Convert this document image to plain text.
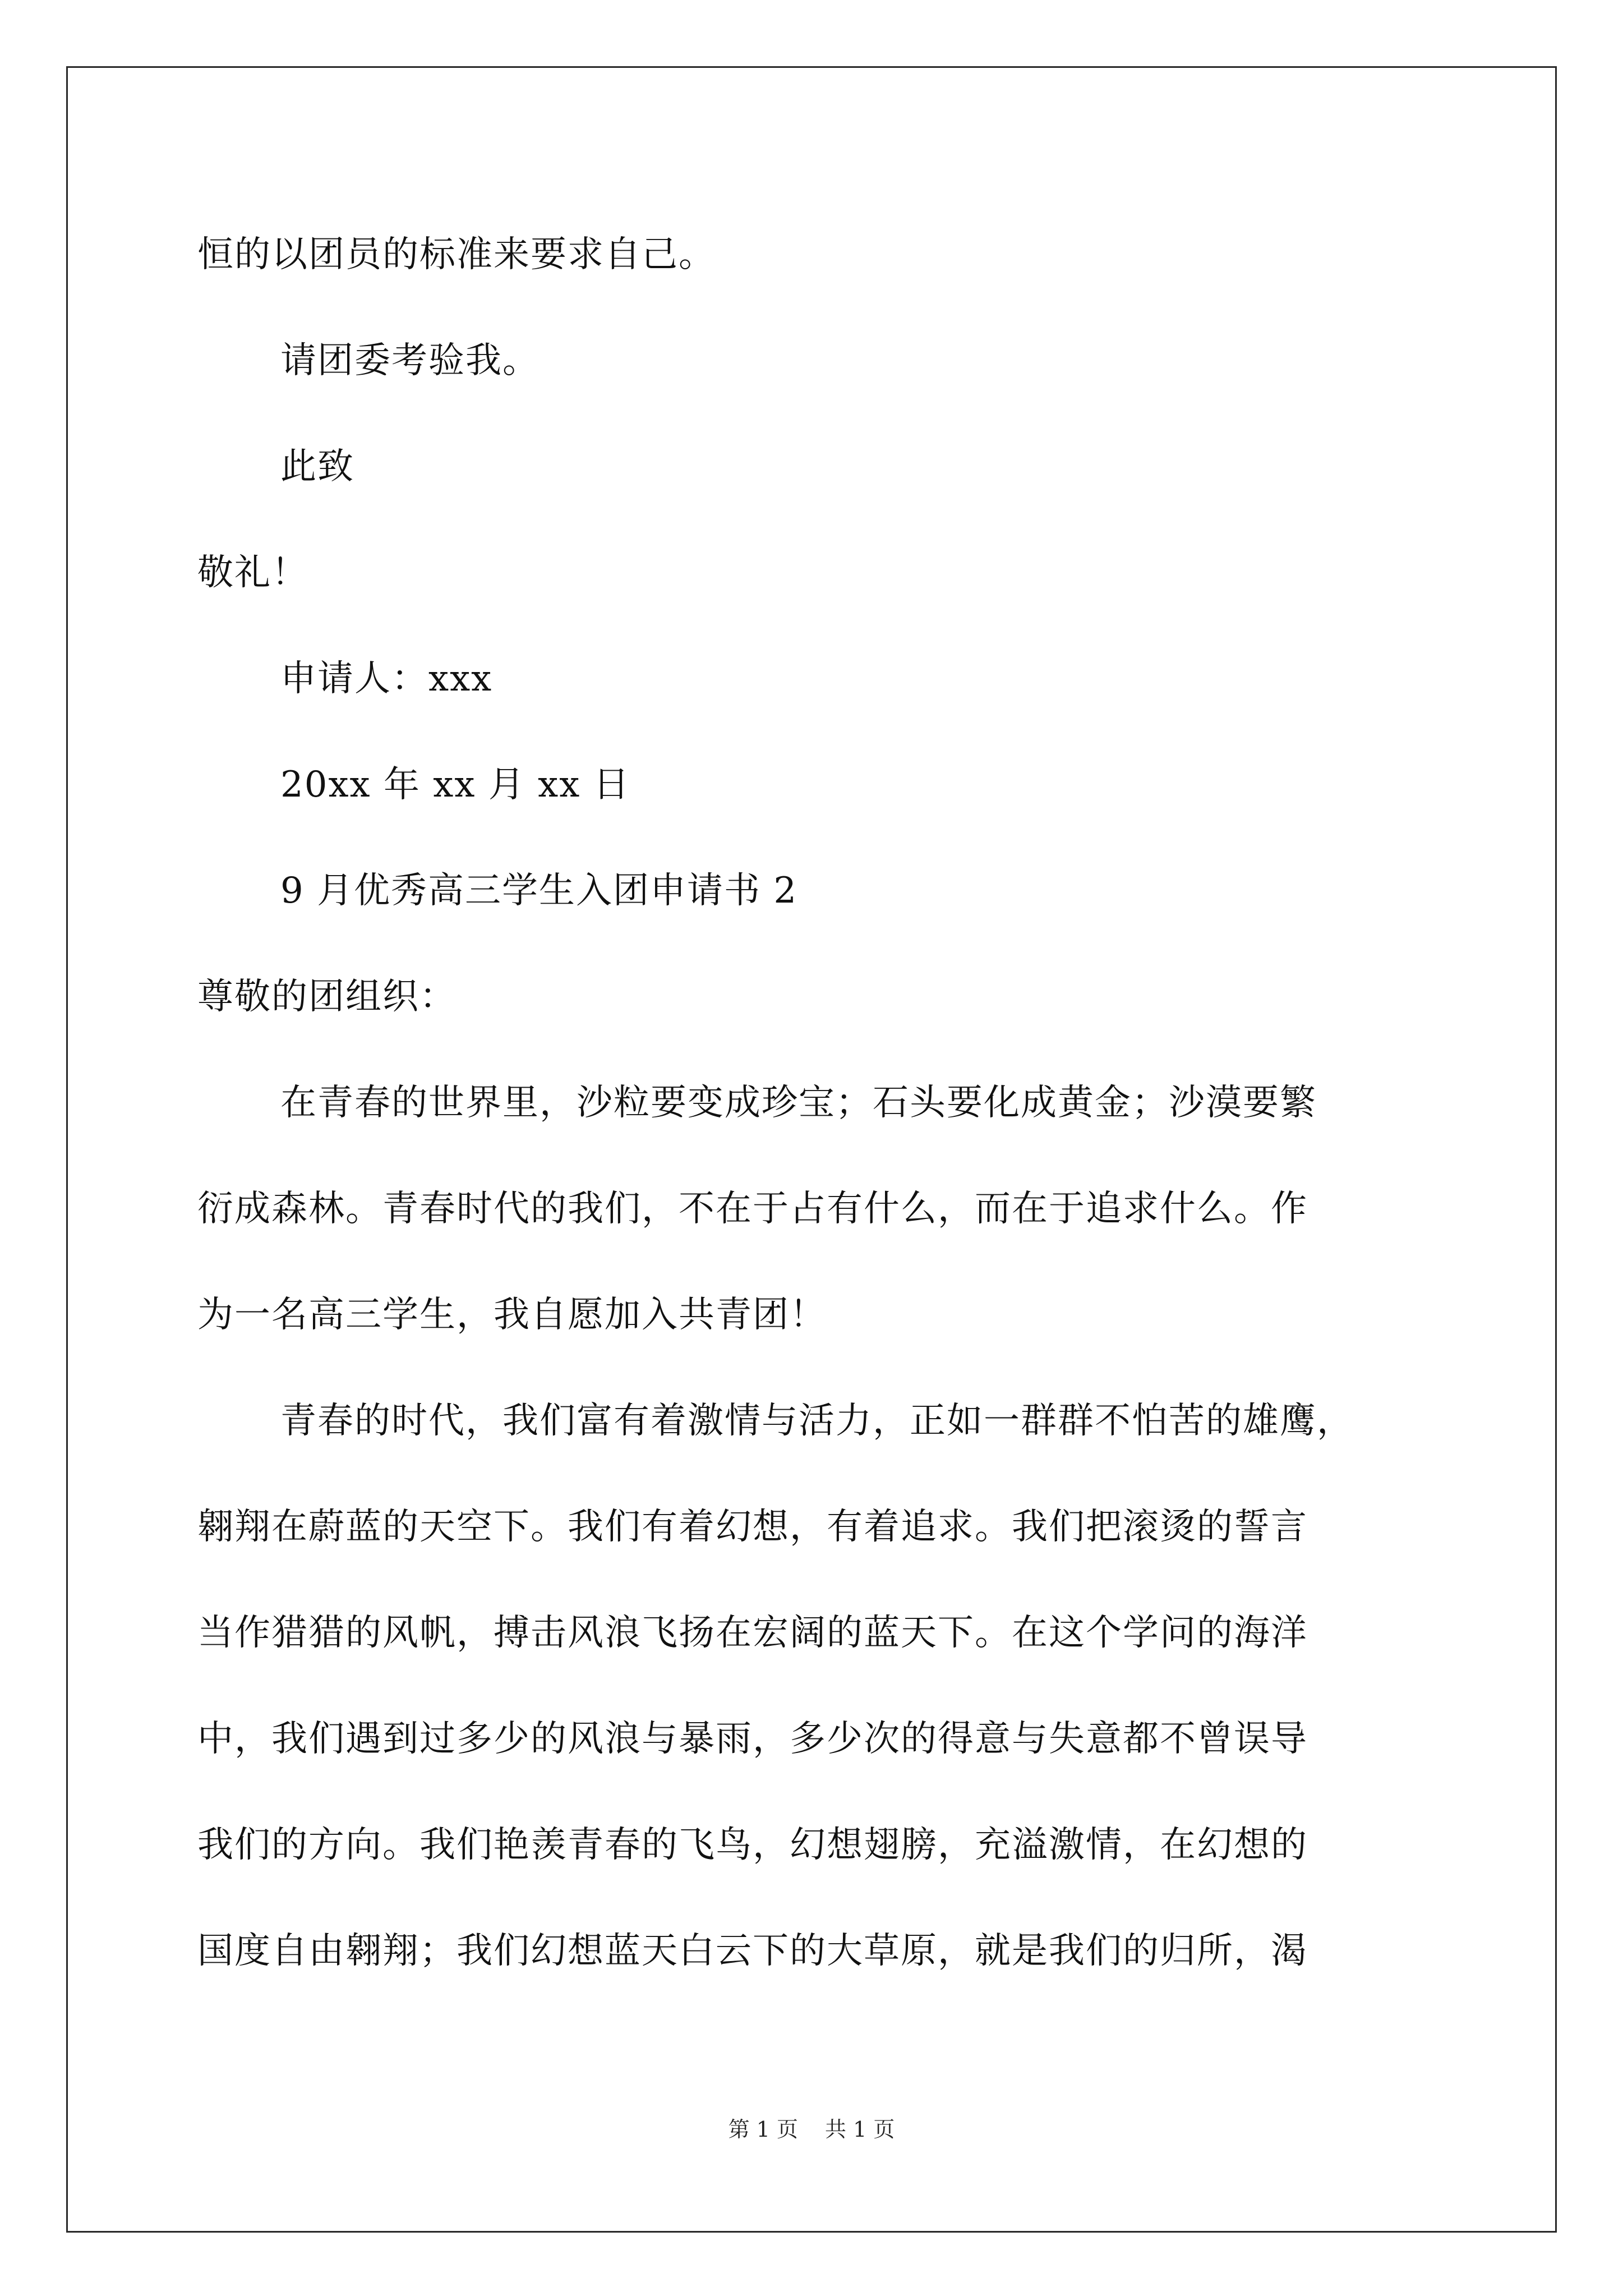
恒的以团员的标准来要求自己。
请团委考验我。
此致
敬礼！
申请人：xxx
20xx 年 xx 月 xx 日
9 月优秀高三学生入团申请书 2
尊敬的团组织：
在青春的世界里，沙粒要变成珍宝；石头要化成黄金；沙漠要繁
衍成森林。青春时代的我们，不在于占有什么，而在于追求什么。作
为一名高三学生，我自愿加入共青团！
青春的时代，我们富有着激情与活力，正如一群群不怕苦的雄鹰，
翱翔在蔚蓝的天空下。我们有着幻想，有着追求。我们把滚烫的誓言
当作猎猎的风帆，搏击风浪飞扬在宏阔的蓝天下。在这个学问的海洋
中，我们遇到过多少的风浪与暴雨，多少次的得意与失意都不曾误导
我们的方向。我们艳羡青春的飞鸟，幻想翅膀，充溢激情，在幻想的
国度自由翱翔；我们幻想蓝天白云下的大草原，就是我们的归所，渴
第 1 页 共 1 页
